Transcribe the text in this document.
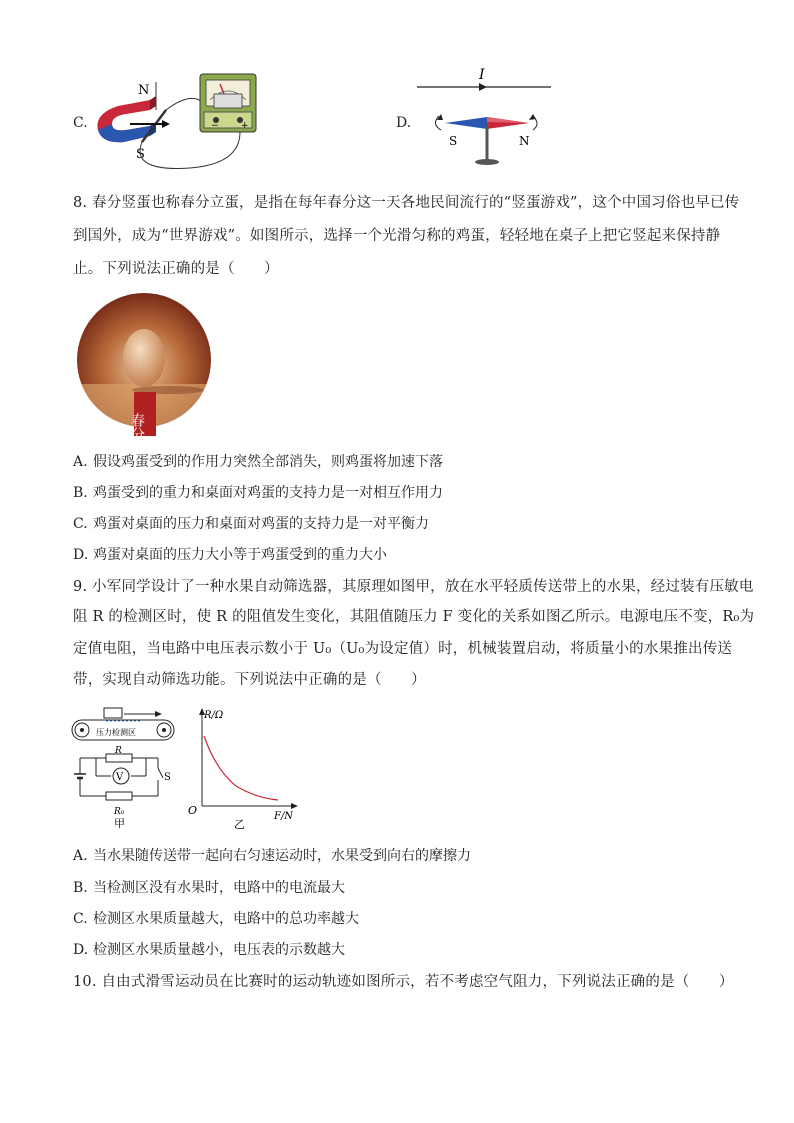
C.
N
S
− +	D.
I
S	N
8. 春分竖蛋也称春分立蛋，是指在每年春分这一天各地民间流行的“竖蛋游戏”，这个中国习俗也早已传
到国外，成为“世界游戏”。如图所示，选择一个光滑匀称的鸡蛋，轻轻地在桌子上把它竖起来保持静
止。下列说法正确的是（　　）
春分
A. 假设鸡蛋受到的作用力突然全部消失，则鸡蛋将加速下落
B. 鸡蛋受到的重力和桌面对鸡蛋的支持力是一对相互作用力
C. 鸡蛋对桌面的压力和桌面对鸡蛋的支持力是一对平衡力
D. 鸡蛋对桌面的压力大小等于鸡蛋受到的重力大小
9. 小军同学设计了一种水果自动筛选器，其原理如图甲，放在水平轻质传送带上的水果，经过装有压敏电
阻 R 的检测区时，使 R 的阻值发生变化，其阻值随压力 F 变化的关系如图乙所示。电源电压不变，R₀为
定值电阻，当电路中电压表示数小于 U₀（U₀为设定值）时，机械装置启动，将质量小的水果推出传送
带，实现自动筛选功能。下列说法中正确的是（　　）
压力检测区
R
V	S
R₀
甲
R/Ω
O	F/N
乙
A. 当水果随传送带一起向右匀速运动时，水果受到向右的摩擦力
B. 当检测区没有水果时，电路中的电流最大
C. 检测区水果质量越大，电路中的总功率越大
D. 检测区水果质量越小，电压表的示数越大
10. 自由式滑雪运动员在比赛时的运动轨迹如图所示，若不考虑空气阻力，下列说法正确的是（　　）
